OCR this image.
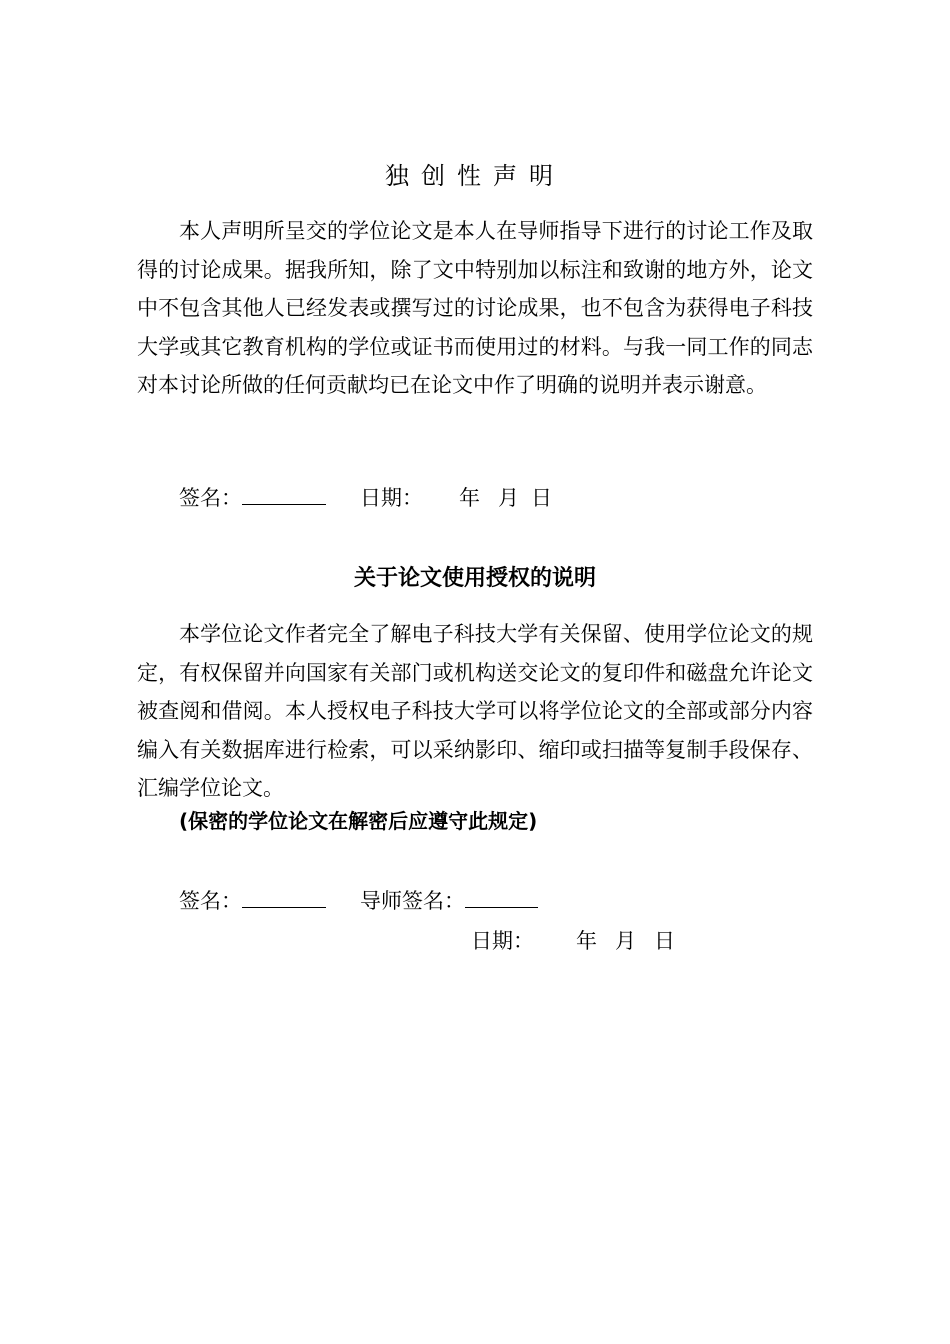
独创性声明

本人声明所呈交的学位论文是本人在导师指导下进行的讨论工作及取得的讨论成果。据我所知，除了文中特别加以标注和致谢的地方外，论文中不包含其他人已经发表或撰写过的讨论成果，也不包含为获得电子科技大学或其它教育机构的学位或证书而使用过的材料。与我一同工作的同志对本讨论所做的任何贡献均已在论文中作了明确的说明并表示谢意。

签名：	日期： 年 月 日
关于论文使用授权的说明

本学位论文作者完全了解电子科技大学有关保留、使用学位论文的规定，有权保留并向国家有关部门或机构送交论文的复印件和磁盘允许论文被查阅和借阅。本人授权电子科技大学可以将学位论文的全部或部分内容编入有关数据库进行检索，可以采纳影印、缩印或扫描等复制手段保存、汇编学位论文。

(保密的学位论文在解密后应遵守此规定)
签名：	导师签名：
日期： 年 月 日
